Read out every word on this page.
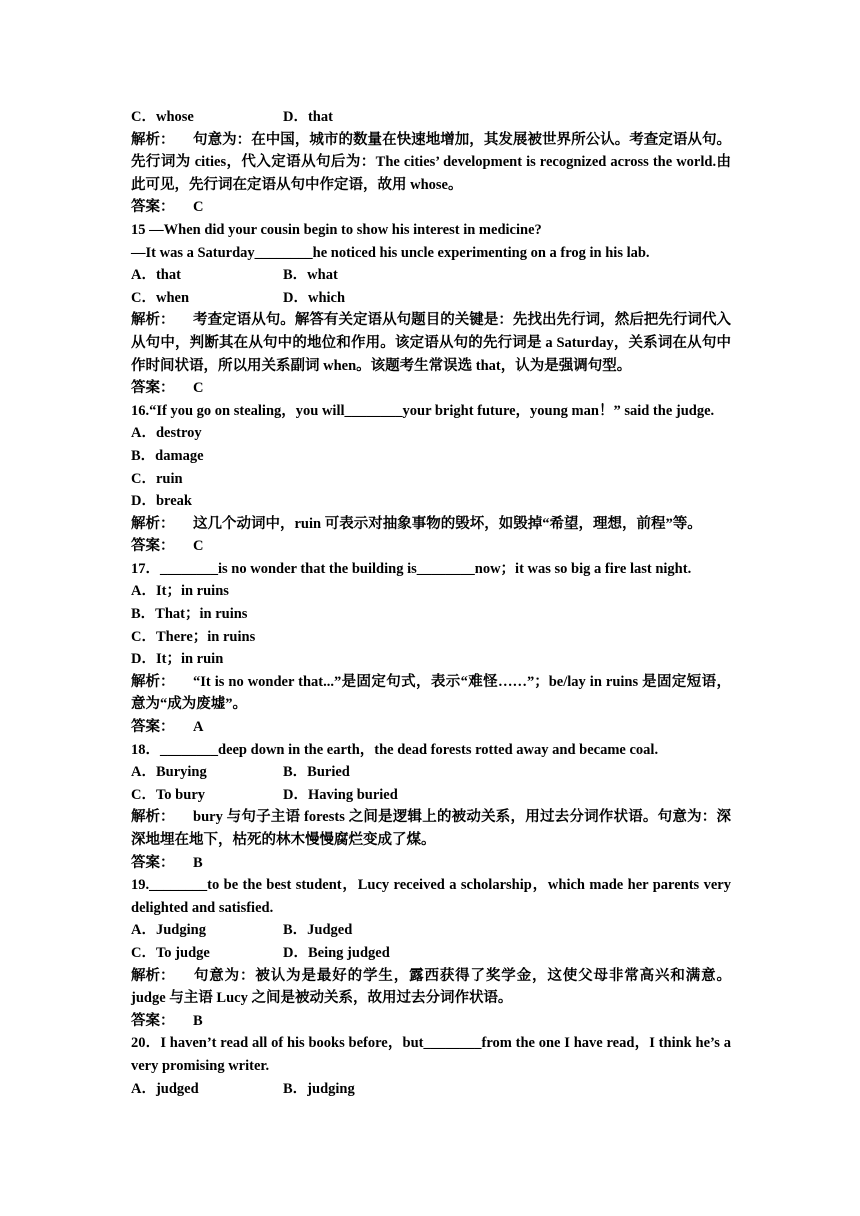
C．whose	D．that
解析： 句意为：在中国，城市的数量在快速地增加，其发展被世界所公认。考查定语从句。先行词为 cities，代入定语从句后为：The cities’ development is recognized across the world.由此可见，先行词在定语从句中作定语，故用 whose。
答案： C
15 —When did your cousin begin to show his interest in medicine?
—It was a Saturday________he noticed his uncle experimenting on a frog in his lab.
A．that	B．what
C．when	D．which
解析： 考查定语从句。解答有关定语从句题目的关键是：先找出先行词，然后把先行词代入从句中，判断其在从句中的地位和作用。该定语从句的先行词是 a Saturday，关系词在从句中作时间状语，所以用关系副词 when。该题考生常误选 that，认为是强调句型。
答案： C
16.“If you go on stealing，you will________your bright future，young man！” said the judge.
A．destroy
B．damage
C．ruin
D．break
解析： 这几个动词中，ruin 可表示对抽象事物的毁坏，如毁掉“希望，理想，前程”等。
答案： C
17．________is no wonder that the building is________now；it was so big a fire last night.
A．It；in ruins
B．That；in ruins
C．There；in ruins
D．It；in ruin
解析： “It is no wonder that...”是固定句式，表示“难怪……”；be/lay in ruins 是固定短语，意为“成为废墟”。
答案： A
18．________deep down in the earth，the dead forests rotted away and became coal.
A．Burying	B．Buried
C．To bury	D．Having buried
解析： bury 与句子主语 forests 之间是逻辑上的被动关系，用过去分词作状语。句意为：深深地埋在地下，枯死的林木慢慢腐烂变成了煤。
答案： B
19.________to be the best student，Lucy received a scholarship，which made her parents very delighted and satisfied.
A．Judging	B．Judged
C．To judge	D．Being judged
解析： 句意为：被认为是最好的学生，露西获得了奖学金，这使父母非常高兴和满意。judge 与主语 Lucy 之间是被动关系，故用过去分词作状语。
答案： B
20．I haven’t read all of his books before，but________from the one I have read，I think he’s a very promising writer.
A．judged	B．judging
